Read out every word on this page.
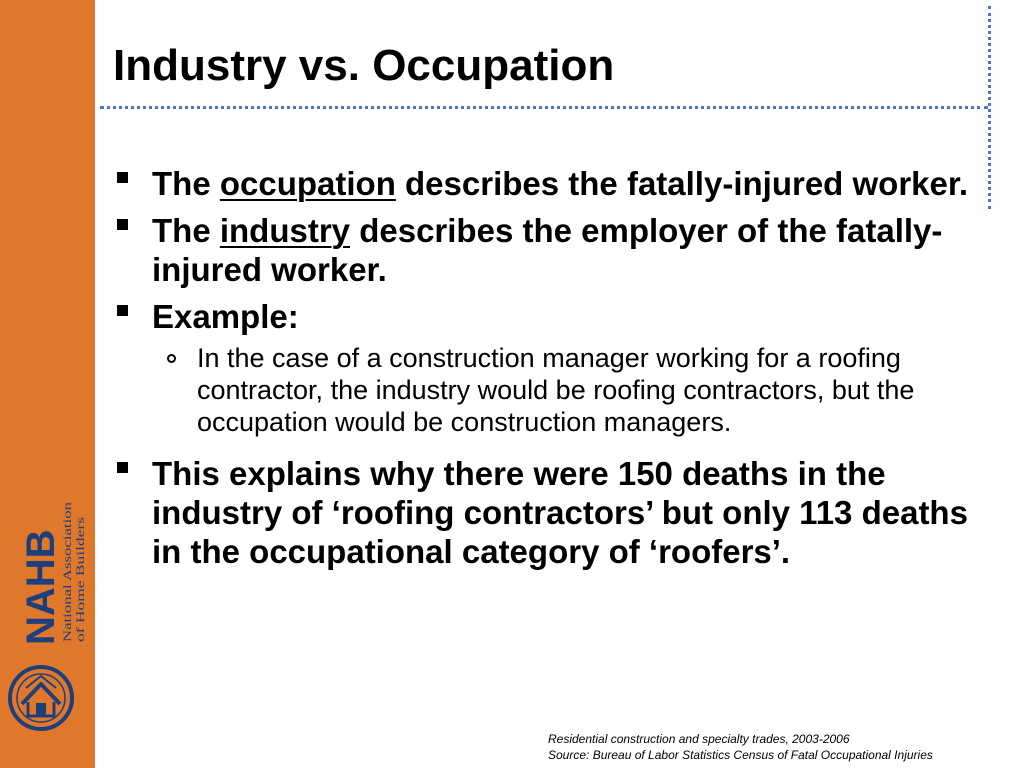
NAHB
National Association of Home Builders
Industry vs. Occupation
The occupation describes the fatally-injured worker.
The industry describes the employer of the fatally-injured worker.
Example:
In the case of a construction manager working for a roofing contractor, the industry would be roofing contractors, but the occupation would be construction managers.
This explains why there were 150 deaths in the industry of ‘roofing contractors’ but only 113 deaths in the occupational category of ‘roofers’.
Residential construction and specialty trades, 2003-2006
Source: Bureau of Labor Statistics Census of Fatal Occupational Injuries
